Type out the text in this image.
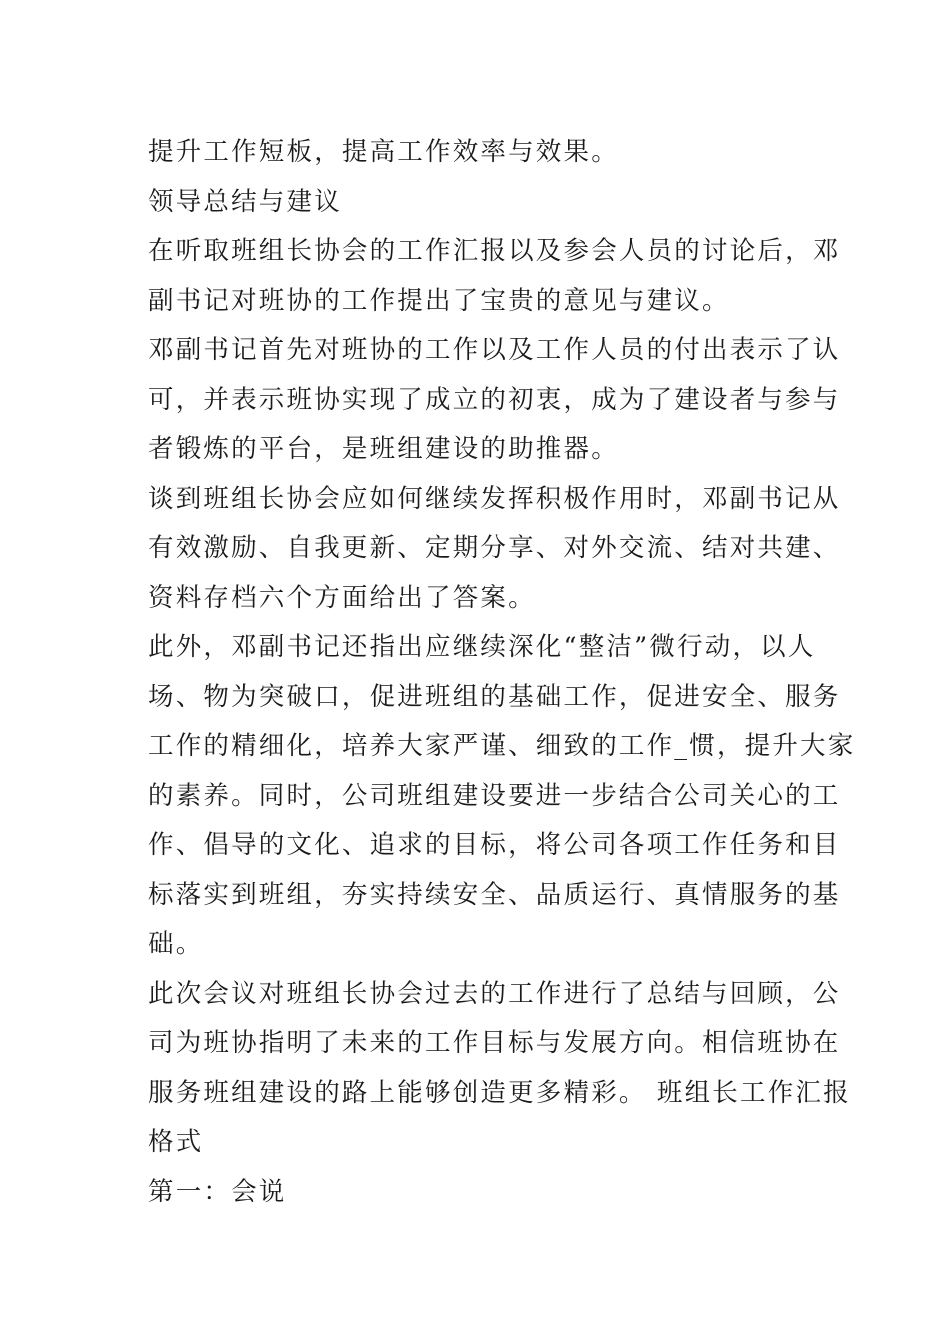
提升工作短板，提高工作效率与效果。
领导总结与建议
在听取班组长协会的工作汇报以及参会人员的讨论后，邓
副书记对班协的工作提出了宝贵的意见与建议。
邓副书记首先对班协的工作以及工作人员的付出表示了认
可，并表示班协实现了成立的初衷，成为了建设者与参与
者锻炼的平台，是班组建设的助推器。
谈到班组长协会应如何继续发挥积极作用时，邓副书记从
有效激励、自我更新、定期分享、对外交流、结对共建、
资料存档六个方面给出了答案。
此外，邓副书记还指出应继续深化“整洁”微行动，以人
场、物为突破口，促进班组的基础工作，促进安全、服务
工作的精细化，培养大家严谨、细致的工作_惯，提升大家
的素养。同时，公司班组建设要进一步结合公司关心的工
作、倡导的文化、追求的目标，将公司各项工作任务和目
标落实到班组，夯实持续安全、品质运行、真情服务的基
础。
此次会议对班组长协会过去的工作进行了总结与回顾，公
司为班协指明了未来的工作目标与发展方向。相信班协在
服务班组建设的路上能够创造更多精彩。 班组长工作汇报
格式
第一：会说
